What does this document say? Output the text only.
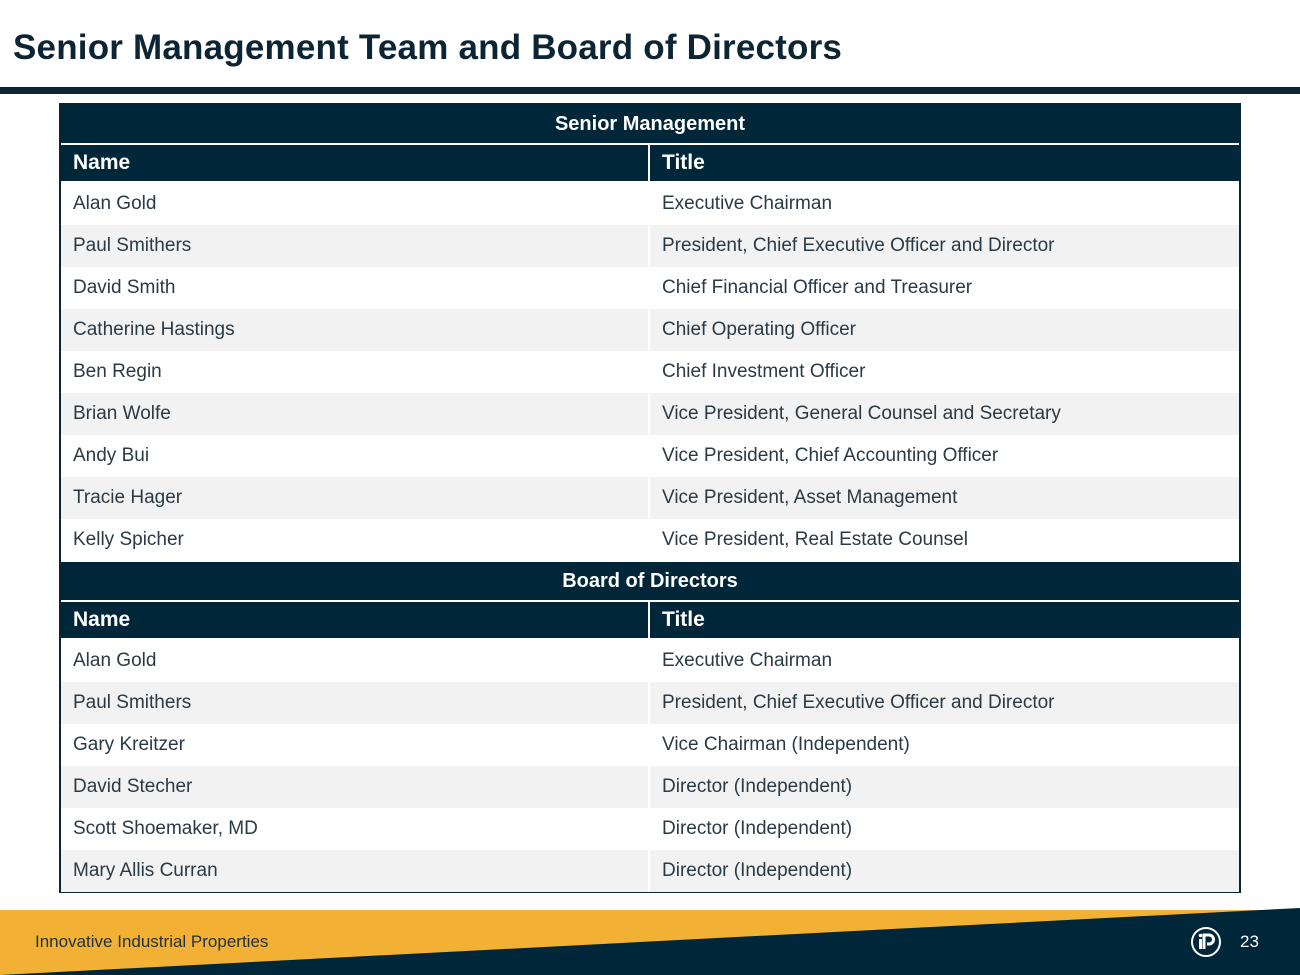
Senior Management Team and Board of Directors
Senior Management
Name	Title
Alan Gold	Executive Chairman
Paul Smithers	President, Chief Executive Officer and Director
David Smith	Chief Financial Officer and Treasurer
Catherine Hastings	Chief Operating Officer
Ben Regin	Chief Investment Officer
Brian Wolfe	Vice President, General Counsel and Secretary
Andy Bui	Vice President, Chief Accounting Officer
Tracie Hager	Vice President, Asset Management
Kelly Spicher	Vice President, Real Estate Counsel
Board of Directors
Name	Title
Alan Gold	Executive Chairman
Paul Smithers	President, Chief Executive Officer and Director
Gary Kreitzer	Vice Chairman (Independent)
David Stecher	Director (Independent)
Scott Shoemaker, MD	Director (Independent)
Mary Allis Curran	Director (Independent)
Innovative Industrial Properties	23
